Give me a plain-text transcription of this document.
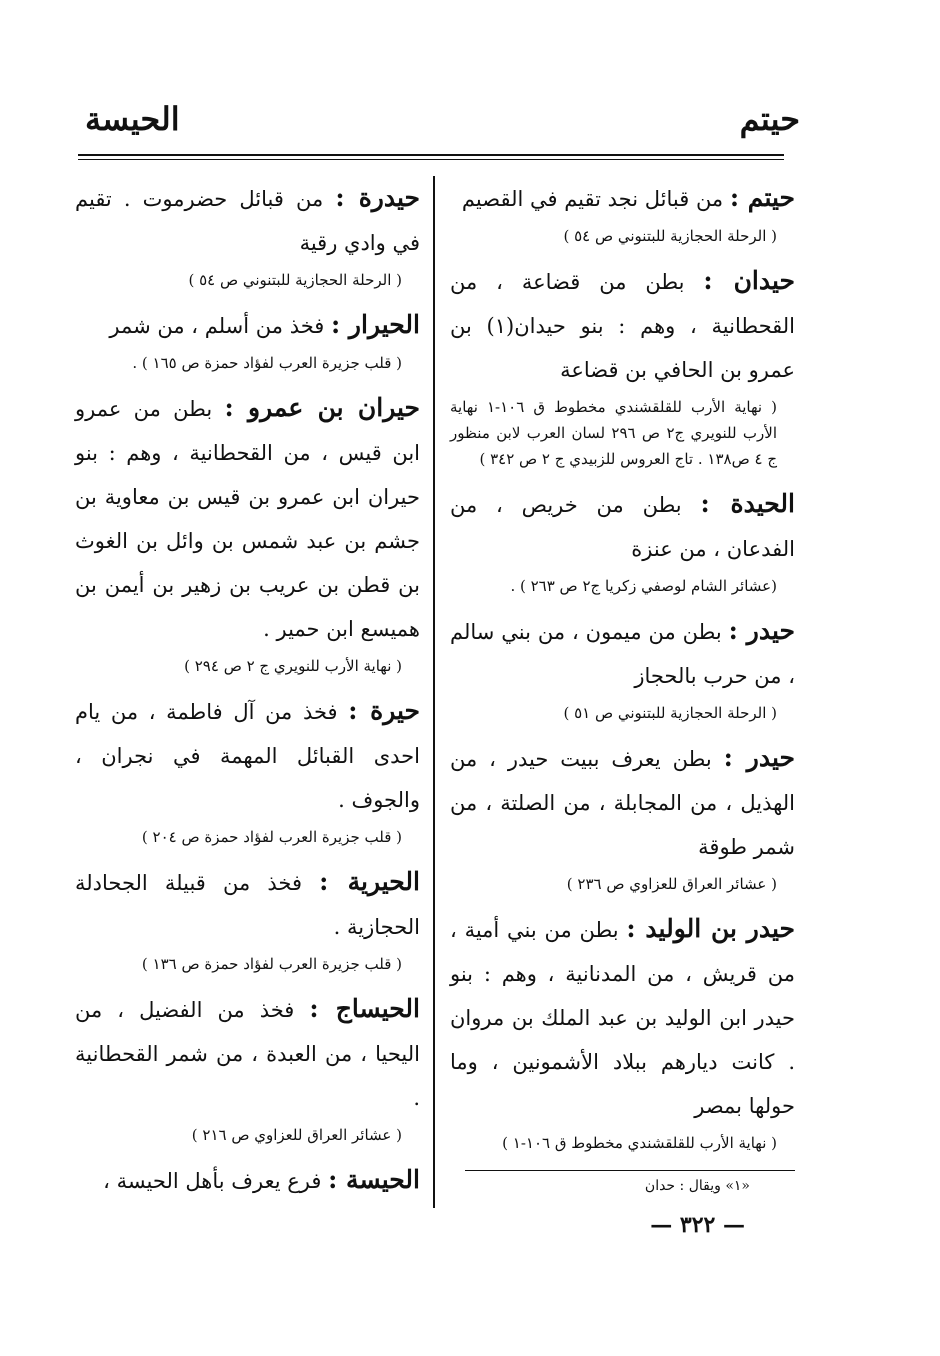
حيتم
الحيسة

حيتم : من قبائل نجد تقيم في القصيم

( الرحلة الحجازية للبتنوني ص ٥٤ )

حيدان : بطن من قضاعة ، من القحطانية ، وهم : بنو حيدان(١) بن عمرو بن الحافي بن قضاعة

( نهاية الأرب للقلقشندي مخطوط ق ١٠٦-١ نهاية الأرب للنويري ج٢ ص ٢٩٦ لسان العرب لابن منظور ج ٤ ص١٣٨ . تاج العروس للزبيدي ج ٢ ص ٣٤٢ )

الحيدة : بطن من خريص ، من الفدعان ، من عنزة

(عشائر الشام لوصفي زكريا ج٢ ص ٢٦٣ ) .

حيدر : بطن من ميمون ، من بني سالم ، من حرب بالحجاز

( الرحلة الحجازية للبتنوني ص ٥١ )

حيدر : بطن يعرف ببيت حيدر ، من الهذيل ، من المجابلة ، من الصلتة ، من شمر طوقة

( عشائر العراق للعزاوي ص ٢٣٦ )

حيدر بن الوليد : بطن من بني أمية ، من قريش ، من المدنانية ، وهم : بنو حيدر ابن الوليد بن عبد الملك بن مروان . كانت ديارهم ببلاد الأشمونين ، وما حولها بمصر

( نهاية الأرب للقلقشندي مخطوط ق ١٠٦-١ )

حيدرة : من قبائل حضرموت . تقيم في وادي رقية

( الرحلة الحجازية للبتنوني ص ٥٤ )

الحيرار : فخذ من أسلم ، من شمر

( قلب جزيرة العرب لفؤاد حمزة ص ١٦٥ ) .

حيران بن عمرو : بطن من عمرو ابن قيس ، من القحطانية ، وهم : بنو حيران ابن عمرو بن قيس بن معاوية بن جشم بن عبد شمس بن وائل بن الغوث بن قطن بن عريب بن زهير بن أيمن بن هميسع ابن حمير .

( نهاية الأرب للنويري ج ٢ ص ٢٩٤ )

حيرة : فخذ من آل فاطمة ، من يام احدى القبائل المهمة في نجران ، والجوف .

( قلب جزيرة العرب لفؤاد حمزة ص ٢٠٤ )

الحيرية : فخذ من قبيلة الجحادلة الحجازية .

( قلب جزيرة العرب لفؤاد حمزة ص ١٣٦ )

الحيساج : فخذ من الفضيل ، من اليحيا ، من العبدة ، من شمر القحطانية .

( عشائر العراق للعزاوي ص ٢١٦ )

الحيسة : فرع يعرف بأهل الحيسة ،	«١» ويقال : حدان
— ٣٢٢ —
